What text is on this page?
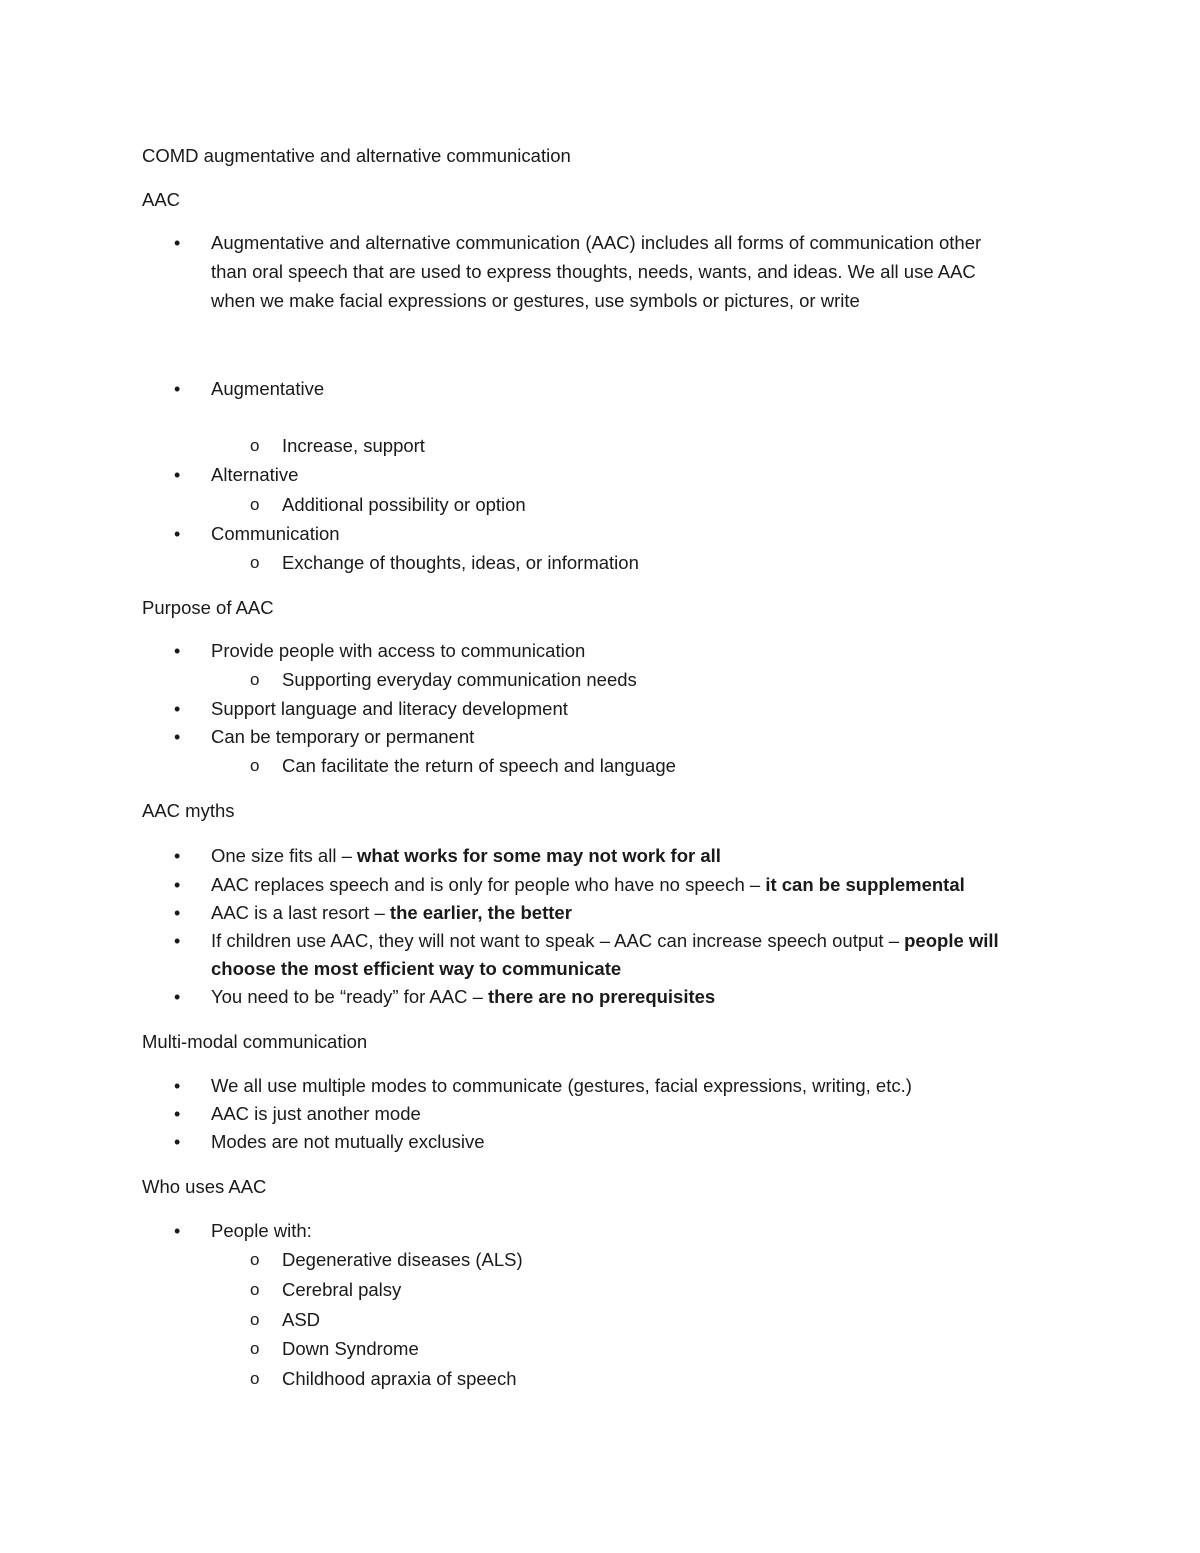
COMD augmentative and alternative communication
AAC
• Augmentative and alternative communication (AAC) includes all forms of communication other
than oral speech that are used to express thoughts, needs, wants, and ideas. We all use AAC
when we make facial expressions or gestures, use symbols or pictures, or write
• Augmentative
o Increase, support
• Alternative
o Additional possibility or option
• Communication
o Exchange of thoughts, ideas, or information
Purpose of AAC
• Provide people with access to communication
o Supporting everyday communication needs
• Support language and literacy development
• Can be temporary or permanent
o Can facilitate the return of speech and language
AAC myths
• One size fits all – what works for some may not work for all
• AAC replaces speech and is only for people who have no speech – it can be supplemental
• AAC is a last resort – the earlier, the better
• If children use AAC, they will not want to speak – AAC can increase speech output – people will
choose the most efficient way to communicate
• You need to be “ready” for AAC – there are no prerequisites
Multi-modal communication
• We all use multiple modes to communicate (gestures, facial expressions, writing, etc.)
• AAC is just another mode
• Modes are not mutually exclusive
Who uses AAC
• People with:
o Degenerative diseases (ALS)
o Cerebral palsy
o ASD
o Down Syndrome
o Childhood apraxia of speech
